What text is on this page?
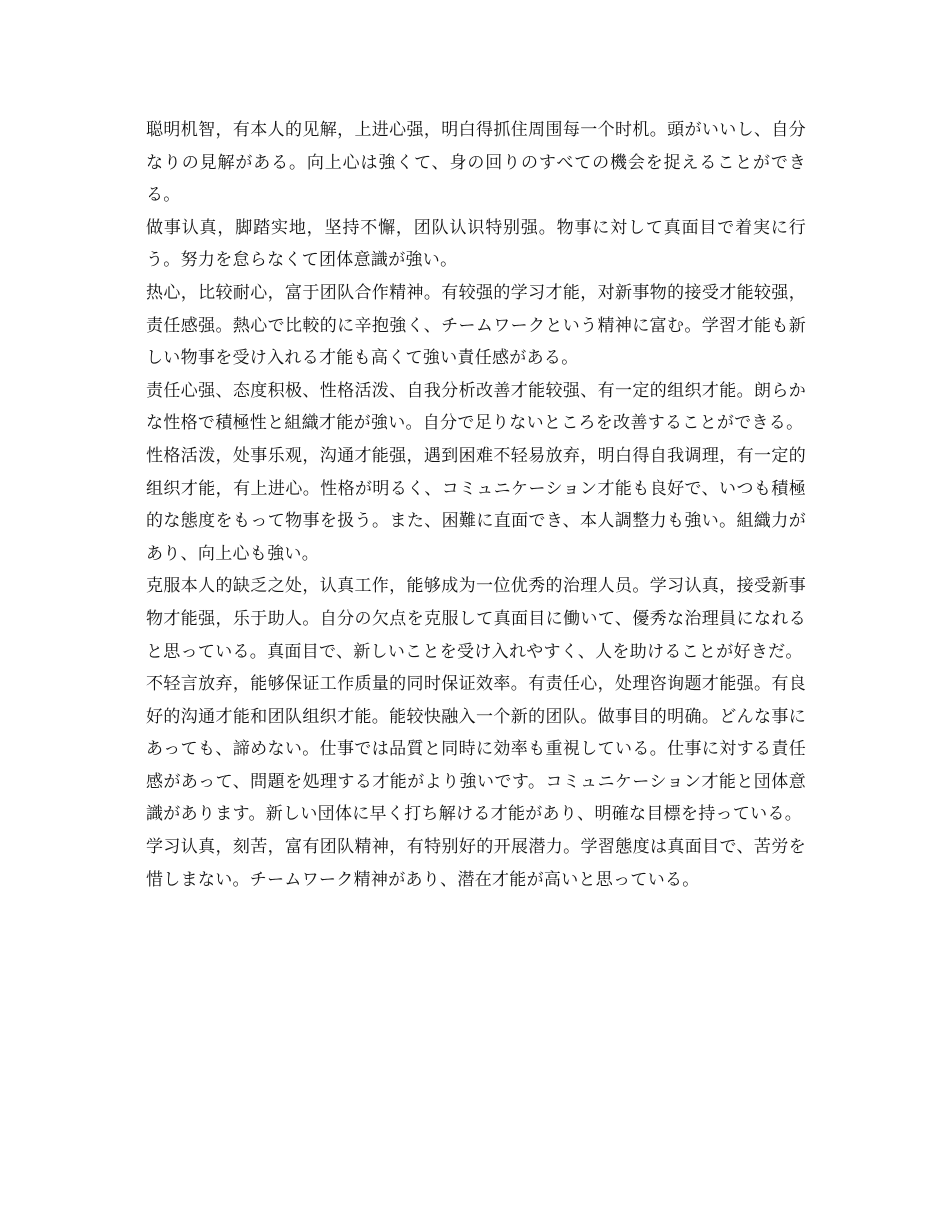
聪明机智，有本人的见解，上进心强，明白得抓住周围每一个时机。頭がいいし、自分なりの見解がある。向上心は強くて、身の回りのすべての機会を捉えることができる。

做事认真，脚踏实地，坚持不懈，团队认识特别强。物事に対して真面目で着実に行う。努力を怠らなくて团体意識が強い。

热心，比较耐心，富于团队合作精神。有较强的学习才能，对新事物的接受才能较强，责任感强。熱心で比較的に辛抱強く、チームワークという精神に富む。学習才能も新しい物事を受け入れる才能も高くて強い責任感がある。

责任心强、态度积极、性格活泼、自我分析改善才能较强、有一定的组织才能。朗らかな性格で積極性と組織才能が強い。自分で足りないところを改善することができる。

性格活泼，处事乐观，沟通才能强，遇到困难不轻易放弃，明白得自我调理，有一定的组织才能，有上进心。性格が明るく、コミュニケーション才能も良好で、いつも積極的な態度をもって物事を扱う。また、困難に直面でき、本人調整力も強い。組織力があり、向上心も強い。

克服本人的缺乏之处，认真工作，能够成为一位优秀的治理人员。学习认真，接受新事物才能强，乐于助人。自分の欠点を克服して真面目に働いて、優秀な治理員になれると思っている。真面目で、新しいことを受け入れやすく、人を助けることが好きだ。

不轻言放弃，能够保证工作质量的同时保证效率。有责任心，处理咨询题才能强。有良好的沟通才能和团队组织才能。能较快融入一个新的团队。做事目的明确。どんな事にあっても、諦めない。仕事では品質と同時に効率も重視している。仕事に対する責任感があって、問題を処理する才能がより強いです。コミュニケーション才能と団体意識があります。新しい団体に早く打ち解ける才能があり、明確な目標を持っている。

学习认真，刻苦，富有团队精神，有特别好的开展潜力。学習態度は真面目で、苦労を惜しまない。チームワーク精神があり、潜在才能が高いと思っている。
